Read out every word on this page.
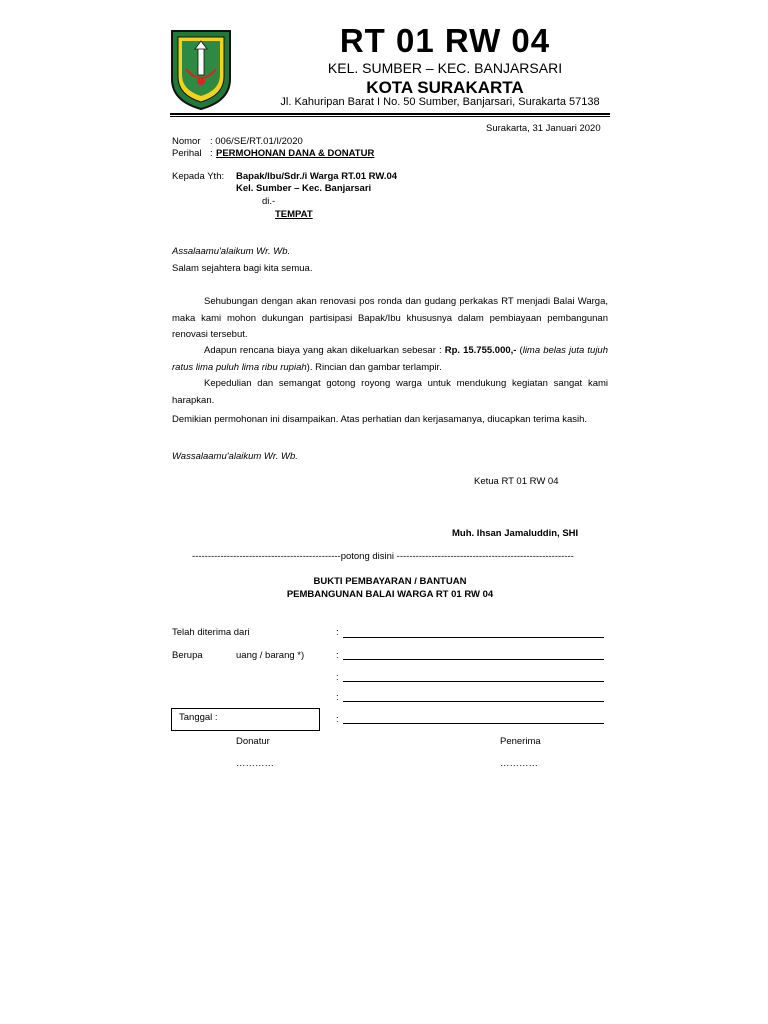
RT 01 RW 04
KEL. SUMBER – KEC. BANJARSARI
KOTA SURAKARTA
Jl. Kahuripan Barat I No. 50 Sumber, Banjarsari, Surakarta 57138
Surakarta, 31 Januari 2020
Nomor : 006/SE/RT.01/I/2020
Perihal : PERMOHONAN DANA & DONATUR
Kepada Yth: Bapak/Ibu/Sdr./i Warga RT.01 RW.04
Kel. Sumber – Kec. Banjarsari
di.-
TEMPAT
Assalaamu'alaikum Wr. Wb.
Salam sejahtera bagi kita semua.
Sehubungan dengan akan renovasi pos ronda dan gudang perkakas RT menjadi Balai Warga, maka kami mohon dukungan partisipasi Bapak/Ibu khususnya dalam pembiayaan pembangunan renovasi tersebut.
Adapun rencana biaya yang akan dikeluarkan sebesar : Rp. 15.755.000,- (lima belas juta tujuh ratus lima puluh lima ribu rupiah). Rincian dan gambar terlampir.
Kepedulian dan semangat gotong royong warga untuk mendukung kegiatan sangat kami harapkan.
Demikian permohonan ini disampaikan. Atas perhatian dan kerjasamanya, diucapkan terima kasih.
Wassalaamu'alaikum Wr. Wb.
Ketua RT 01 RW 04
Muh. Ihsan Jamaluddin, SHI
-----------------------------------------------potong disini --------------------------------------------------------
BUKTI PEMBAYARAN / BANTUAN
PEMBANGUNAN BALAI WARGA RT 01 RW 04
Telah diterima dari	:
Berupa	uang / barang *)	:
:
:
Tanggal :	:
Donatur	Penerima
…………	…………
